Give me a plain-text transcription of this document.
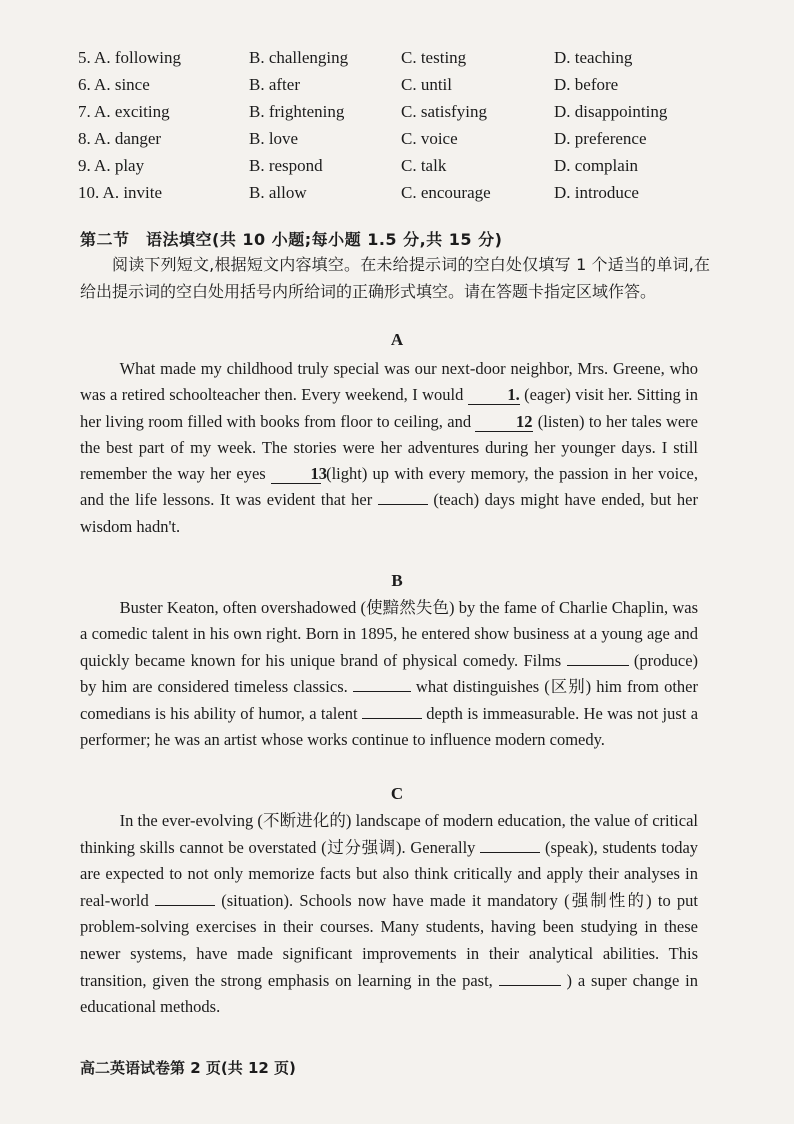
5. A. following	B. challenging	C. testing	D. teaching
6. A. since	B. after	C. until	D. before
7. A. exciting	B. frightening	C. satisfying	D. disappointing
8. A. danger	B. love	C. voice	D. preference
9. A. play	B. respond	C. talk	D. complain
10. A. invite	B. allow	C. encourage	D. introduce
第二节　语法填空(共 10 小题;每小题 1.5 分,共 15 分)

阅读下列短文,根据短文内容填空。在未给提示词的空白处仅填写 1 个适当的单词,在给出提示词的空白处用括号内所给词的正确形式填空。请在答题卡指定区域作答。

A

What made my childhood truly special was our next-door neighbor, Mrs. Greene, who was a retired schoolteacher then. Every weekend, I would	1. (eager) visit her. Sitting in her living room filled with books from floor to ceiling, and	12 (listen) to her tales were the best part of my week. The stories were her adventures during her younger days. I still remember the way her eyes	13 (light) up with every memory, the passion in her voice, and the life lessons. It was evident that her	(teach) days might have ended, but her wisdom hadn't.

B

Buster Keaton, often overshadowed (使黯然失色) by the fame of Charlie Chaplin, was a comedic talent in his own right. Born in 1895, he entered show business at a young age and quickly became known for his unique brand of physical comedy. Films	(produce) by him are considered timeless classics.	what distinguishes (区别) him from other comedians is his ability of humor, a talent	depth is immeasurable. He was not just a performer; he was an artist whose works continue to influence modern comedy.

C

In the ever-evolving (不断进化的) landscape of modern education, the value of critical thinking skills cannot be overstated (过分强调). Generally	(speak), students today are expected to not only memorize facts but also think critically and apply their analyses in real-world	(situation). Schools now have made it mandatory (强制性的) to put problem-solving exercises in their courses. Many students, having been studying in these newer systems, have made significant improvements in their analytical abilities. This transition, given the strong emphasis on learning in the past,	) a super change in educational methods.

高二英语试卷第 2 页(共 12 页)
